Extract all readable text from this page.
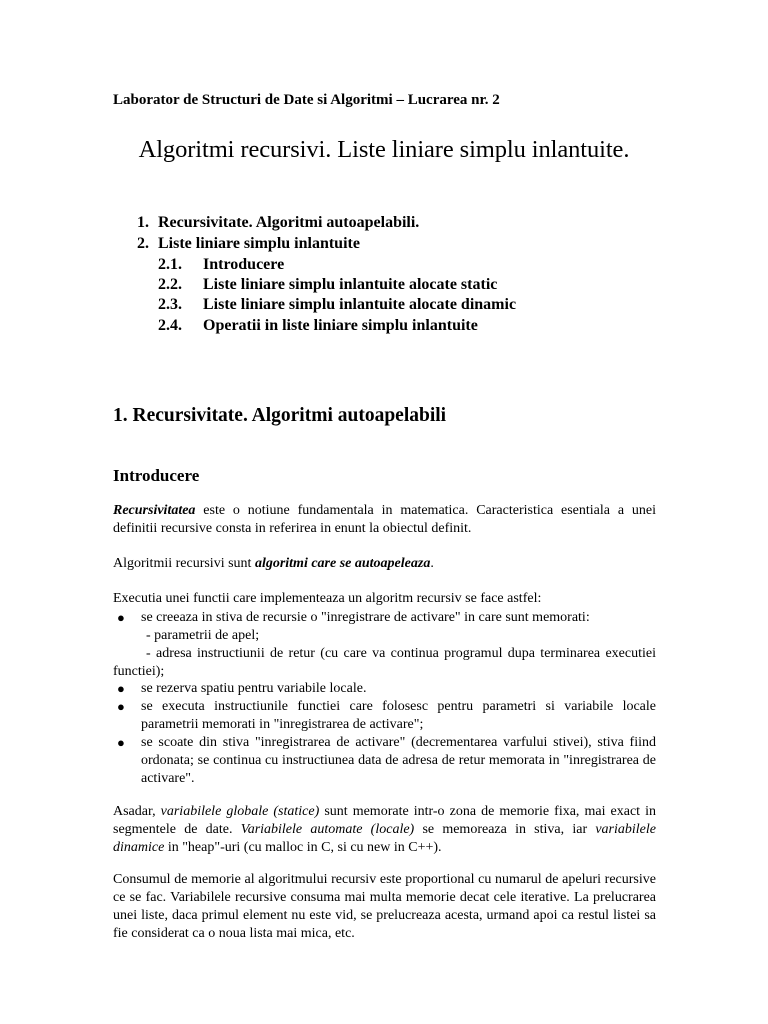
Laborator de Structuri de Date si Algoritmi – Lucrarea nr. 2
Algoritmi recursivi. Liste liniare simplu inlantuite.
1. Recursivitate. Algoritmi autoapelabili.
2. Liste liniare simplu inlantuite
2.1. Introducere
2.2. Liste liniare simplu inlantuite alocate static
2.3. Liste liniare simplu inlantuite alocate dinamic
2.4. Operatii in liste liniare simplu inlantuite
1. Recursivitate. Algoritmi autoapelabili
Introducere
Recursivitatea este o notiune fundamentala in matematica. Caracteristica esentiala a unei definitii recursive consta in referirea in enunt la obiectul definit.
Algoritmii recursivi sunt algoritmi care se autoapeleaza.
Executia unei functii care implementeaza un algoritm recursiv se face astfel:
● se creeaza in stiva de recursie o "inregistrare de activare" in care sunt memorati:
- parametrii de apel;
- adresa instructiunii de retur (cu care va continua programul dupa terminarea executiei functiei);
● se rezerva spatiu pentru variabile locale.
● se executa instructiunile functiei care folosesc pentru parametri si variabile locale parametrii memorati in "inregistrarea de activare";
● se scoate din stiva "inregistrarea de activare" (decrementarea varfului stivei), stiva fiind ordonata; se continua cu instructiunea data de adresa de retur memorata in "inregistrarea de activare".
Asadar, variabilele globale (statice) sunt memorate intr-o zona de memorie fixa, mai exact in segmentele de date. Variabilele automate (locale) se memoreaza in stiva, iar variabilele dinamice in "heap"-uri (cu malloc in C, si cu new in C++).
Consumul de memorie al algoritmului recursiv este proportional cu numarul de apeluri recursive ce se fac. Variabilele recursive consuma mai multa memorie decat cele iterative. La prelucrarea unei liste, daca primul element nu este vid, se prelucreaza acesta, urmand apoi ca restul listei sa fie considerat ca o noua lista mai mica, etc.
